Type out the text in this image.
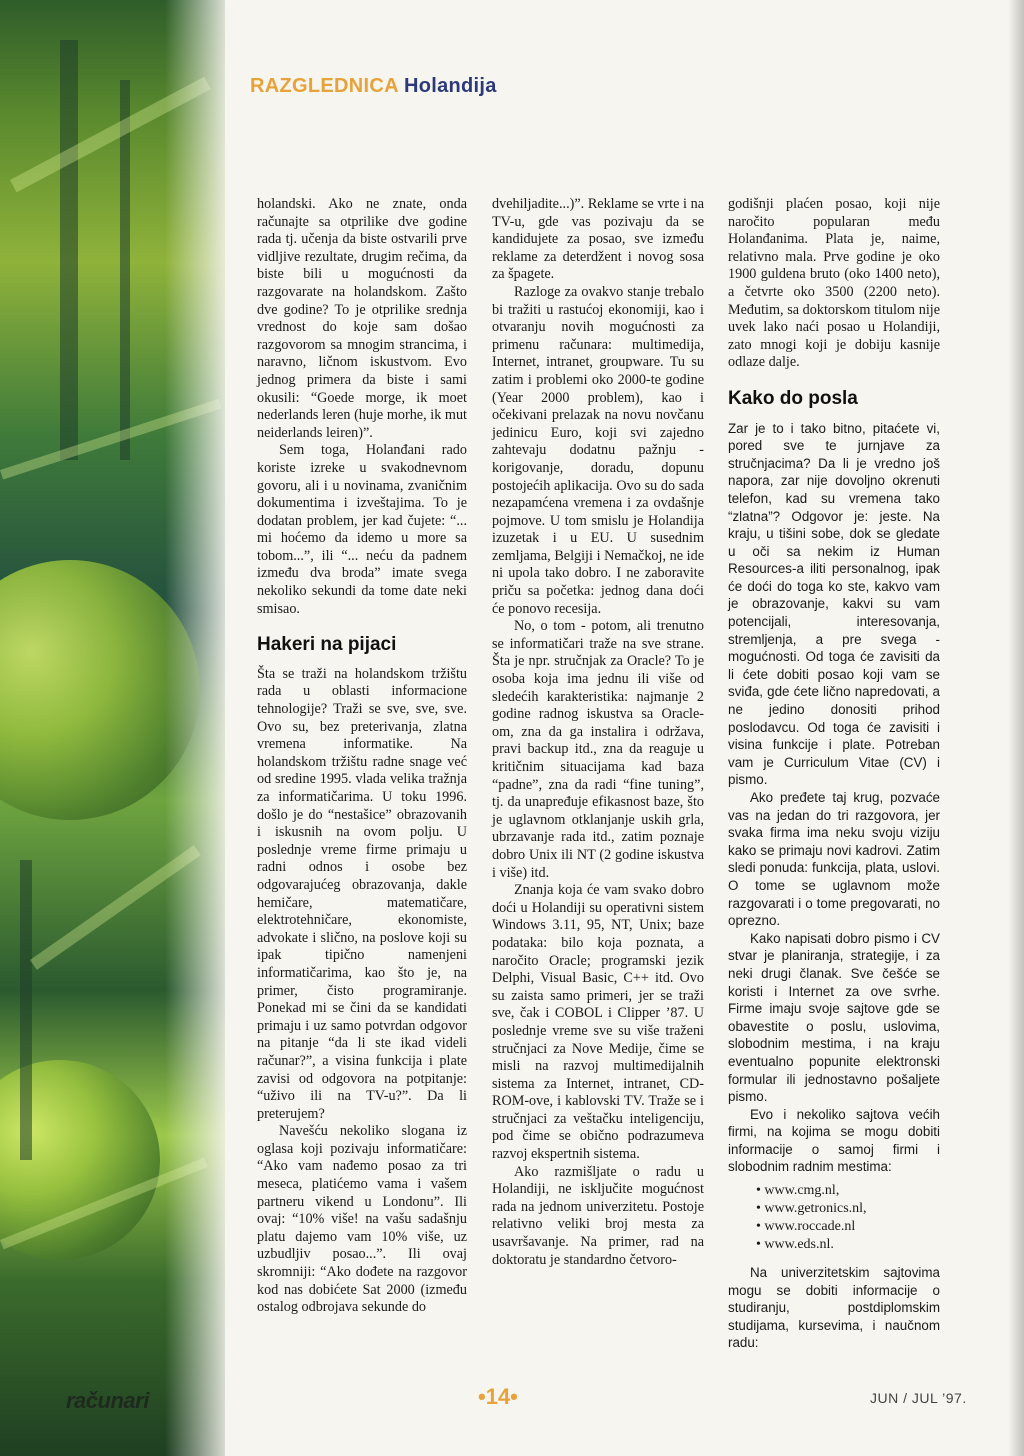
računari
RAZGLEDNICA Holandija

holandski. Ako ne znate, onda računajte sa otprilike dve godine rada tj. učenja da biste ostvarili prve vidljive rezultate, drugim rečima, da biste bili u mogućnosti da razgovarate na holandskom. Zašto dve godine? To je otprilike srednja vrednost do koje sam došao razgovorom sa mnogim strancima, i naravno, ličnom iskustvom. Evo jednog primera da biste i sami okusili: “Goede morge, ik moet nederlands leren (huje morhe, ik mut neiderlands leiren)”.

Sem toga, Holanđani rado koriste izreke u svakodnevnom govoru, ali i u novinama, zvaničnim dokumentima i izveštajima. To je dodatan problem, jer kad čujete: “... mi hoćemo da idemo u more sa tobom...”, ili “... neću da padnem između dva broda” imate svega nekoliko sekundi da tome date neki smisao.

Hakeri na pijaci

Šta se traži na holandskom tržištu rada u oblasti informacione tehnologije? Traži se sve, sve, sve. Ovo su, bez preterivanja, zlatna vremena informatike. Na holandskom tržištu radne snage već od sredine 1995. vlada velika tražnja za informatičarima. U toku 1996. došlo je do “nestašice” obrazovanih i iskusnih na ovom polju. U poslednje vreme firme primaju u radni odnos i osobe bez odgovarajućeg obrazovanja, dakle hemičare, matematičare, elektrotehničare, ekonomiste, advokate i slično, na poslove koji su ipak tipično namenjeni informatičarima, kao što je, na primer, čisto programiranje. Ponekad mi se čini da se kandidati primaju i uz samo potvrdan odgovor na pitanje “da li ste ikad videli računar?”, a visina funkcija i plate zavisi od odgovora na potpitanje: “uživo ili na TV-u?”. Da li preterujem?

Navešću nekoliko slogana iz oglasa koji pozivaju informatičare: “Ako vam nađemo posao za tri meseca, platićemo vama i vašem partneru vikend u Londonu”. Ili ovaj: “10% više! na vašu sadašnju platu dajemo vam 10% više, uz uzbudljiv posao...”. Ili ovaj skromniji: “Ako dođete na razgovor kod nas dobićete Sat 2000 (između ostalog odbrojava sekunde do

dvehiljadite...)”. Reklame se vrte i na TV-u, gde vas pozivaju da se kandidujete za posao, sve između reklame za deterdžent i novog sosa za špagete.

Razloge za ovakvo stanje trebalo bi tražiti u rastućoj ekonomiji, kao i otvaranju novih mogućnosti za primenu računara: multimedija, Internet, intranet, groupware. Tu su zatim i problemi oko 2000-te godine (Year 2000 problem), kao i očekivani prelazak na novu novčanu jedinicu Euro, koji svi zajedno zahtevaju dodatnu pažnju - korigovanje, doradu, dopunu postojećih aplikacija. Ovo su do sada nezapamćena vremena i za ovdašnje pojmove. U tom smislu je Holandija izuzetak i u EU. U susednim zemljama, Belgiji i Nemačkoj, ne ide ni upola tako dobro. I ne zaboravite priču sa početka: jednog dana doći će ponovo recesija.

No, o tom - potom, ali trenutno se informatičari traže na sve strane. Šta je npr. stručnjak za Oracle? To je osoba koja ima jednu ili više od sledećih karakteristika: najmanje 2 godine radnog iskustva sa Oracle-om, zna da ga instalira i održava, pravi backup itd., zna da reaguje u kritičnim situacijama kad baza “padne”, zna da radi “fine tuning”, tj. da unapređuje efikasnost baze, što je uglavnom otklanjanje uskih grla, ubrzavanje rada itd., zatim poznaje dobro Unix ili NT (2 godine iskustva i više) itd.

Znanja koja će vam svako dobro doći u Holandiji su operativni sistem Windows 3.11, 95, NT, Unix; baze podataka: bilo koja poznata, a naročito Oracle; programski jezik Delphi, Visual Basic, C++ itd. Ovo su zaista samo primeri, jer se traži sve, čak i COBOL i Clipper ’87. U poslednje vreme sve su više traženi stručnjaci za Nove Medije, čime se misli na razvoj multimedijalnih sistema za Internet, intranet, CD-ROM-ove, i kablovski TV. Traže se i stručnjaci za veštačku inteligenciju, pod čime se obično podrazumeva razvoj ekspertnih sistema.

Ako razmišljate o radu u Holandiji, ne isključite mogućnost rada na jednom univerzitetu. Postoje relativno veliki broj mesta za usavršavanje. Na primer, rad na doktoratu je standardno četvoro-

godišnji plaćen posao, koji nije naročito popularan među Holanđanima. Plata je, naime, relativno mala. Prve godine je oko 1900 guldena bruto (oko 1400 neto), a četvrte oko 3500 (2200 neto). Međutim, sa doktorskom titulom nije uvek lako naći posao u Holandiji, zato mnogi koji je dobiju kasnije odlaze dalje.

Kako do posla

Zar je to i tako bitno, pitaćete vi, pored sve te jurnjave za stručnjacima? Da li je vredno još napora, zar nije dovoljno okrenuti telefon, kad su vremena tako “zlatna”? Odgovor je: jeste. Na kraju, u tišini sobe, dok se gledate u oči sa nekim iz Human Resources-a iliti personalnog, ipak će doći do toga ko ste, kakvo vam je obrazovanje, kakvi su vam potencijali, interesovanja, stremljenja, a pre svega - mogućnosti. Od toga će zavisiti da li ćete dobiti posao koji vam se sviđa, gde ćete lično napredovati, a ne jedino donositi prihod poslodavcu. Od toga će zavisiti i visina funkcije i plate. Potreban vam je Curriculum Vitae (CV) i pismo.

Ako pređete taj krug, pozvaće vas na jedan do tri razgovora, jer svaka firma ima neku svoju viziju kako se primaju novi kadrovi. Zatim sledi ponuda: funkcija, plata, uslovi. O tome se uglavnom može razgovarati i o tome pregovarati, no oprezno.

Kako napisati dobro pismo i CV stvar je planiranja, strategije, i za neki drugi članak. Sve češće se koristi i Internet za ove svrhe. Firme imaju svoje sajtove gde se obavestite o poslu, uslovima, slobodnim mestima, i na kraju eventualno popunite elektronski formular ili jednostavno pošaljete pismo.

Evo i nekoliko sajtova većih firmi, na kojima se mogu dobiti informacije o samoj firmi i slobodnim radnim mestima:

• www.cmg.nl,
• www.getronics.nl,
• www.roccade.nl
• www.eds.nl.

Na univerzitetskim sajtovima mogu se dobiti informacije o studiranju, postdiplomskim studijama, kursevima, i naučnom radu:

•14•	JUN / JUL ’97.
